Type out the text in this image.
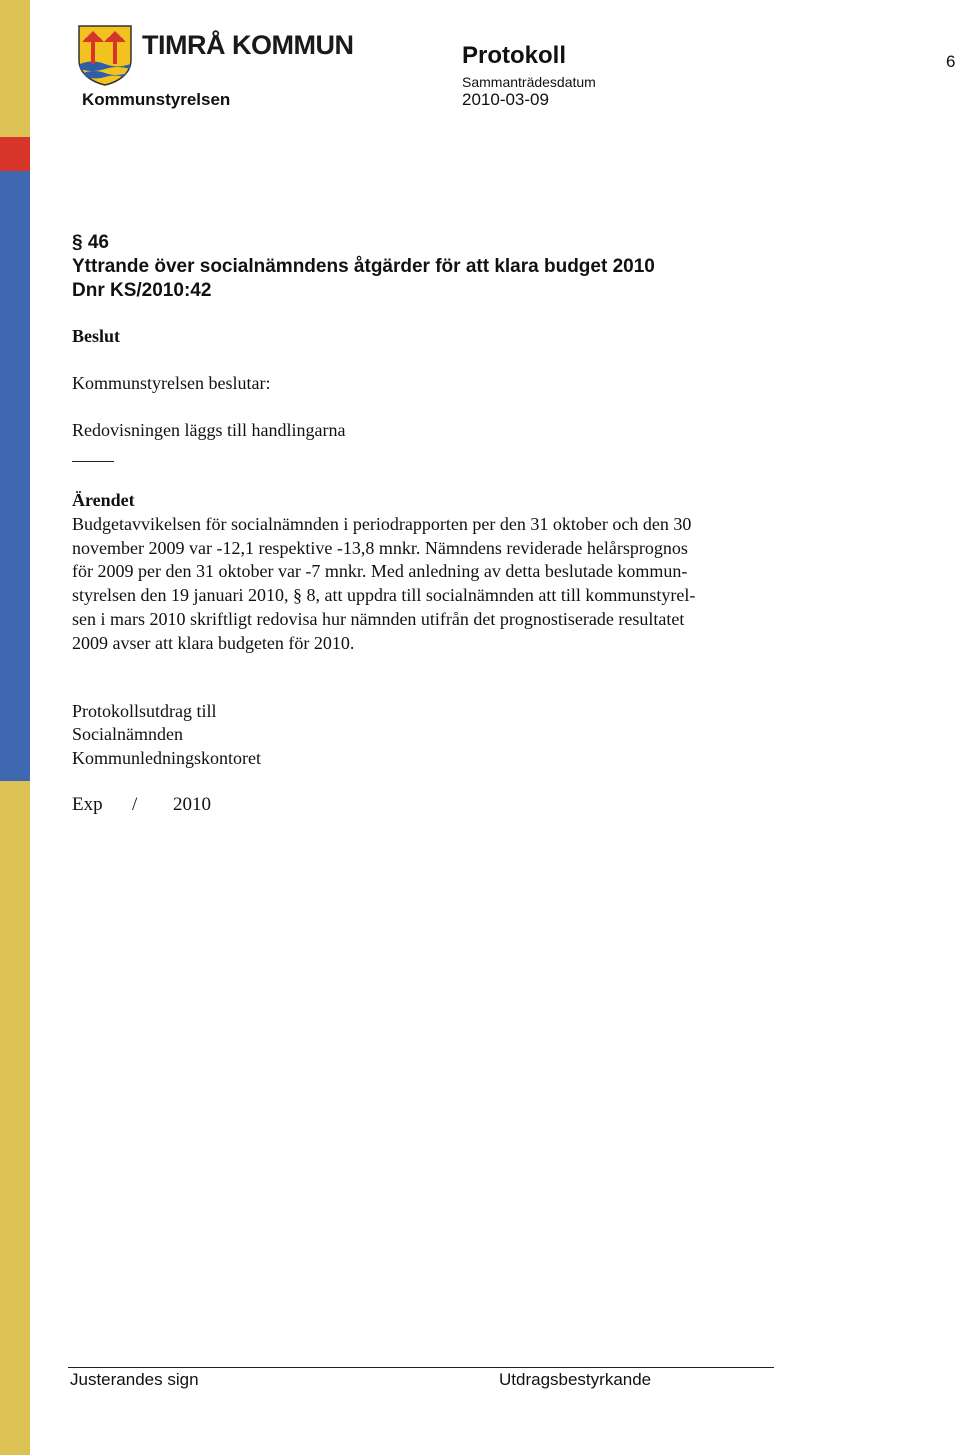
TIMRÅ KOMMUN
Kommunstyrelsen
Protokoll
Sammanträdesdatum
2010-03-09
6
§ 46
Yttrande över socialnämndens åtgärder för att klara budget 2010
Dnr KS/2010:42
Beslut
Kommunstyrelsen beslutar:
Redovisningen läggs till handlingarna
Ärendet
Budgetavvikelsen för socialnämnden i periodrapporten per den 31 oktober och den 30
november 2009 var -12,1 respektive -13,8 mnkr. Nämndens reviderade helårsprognos
för 2009 per den 31 oktober var -7 mnkr. Med anledning av detta beslutade kommun-
styrelsen den 19 januari 2010, § 8, att uppdra till socialnämnden att till kommunstyrel-
sen i mars 2010 skriftligt redovisa hur nämnden utifrån det prognostiserade resultatet
2009 avser att klara budgeten för 2010.
Protokollsutdrag till
Socialnämnden
Kommunledningskontoret
Exp / 2010
Justerandes sign	Utdragsbestyrkande
